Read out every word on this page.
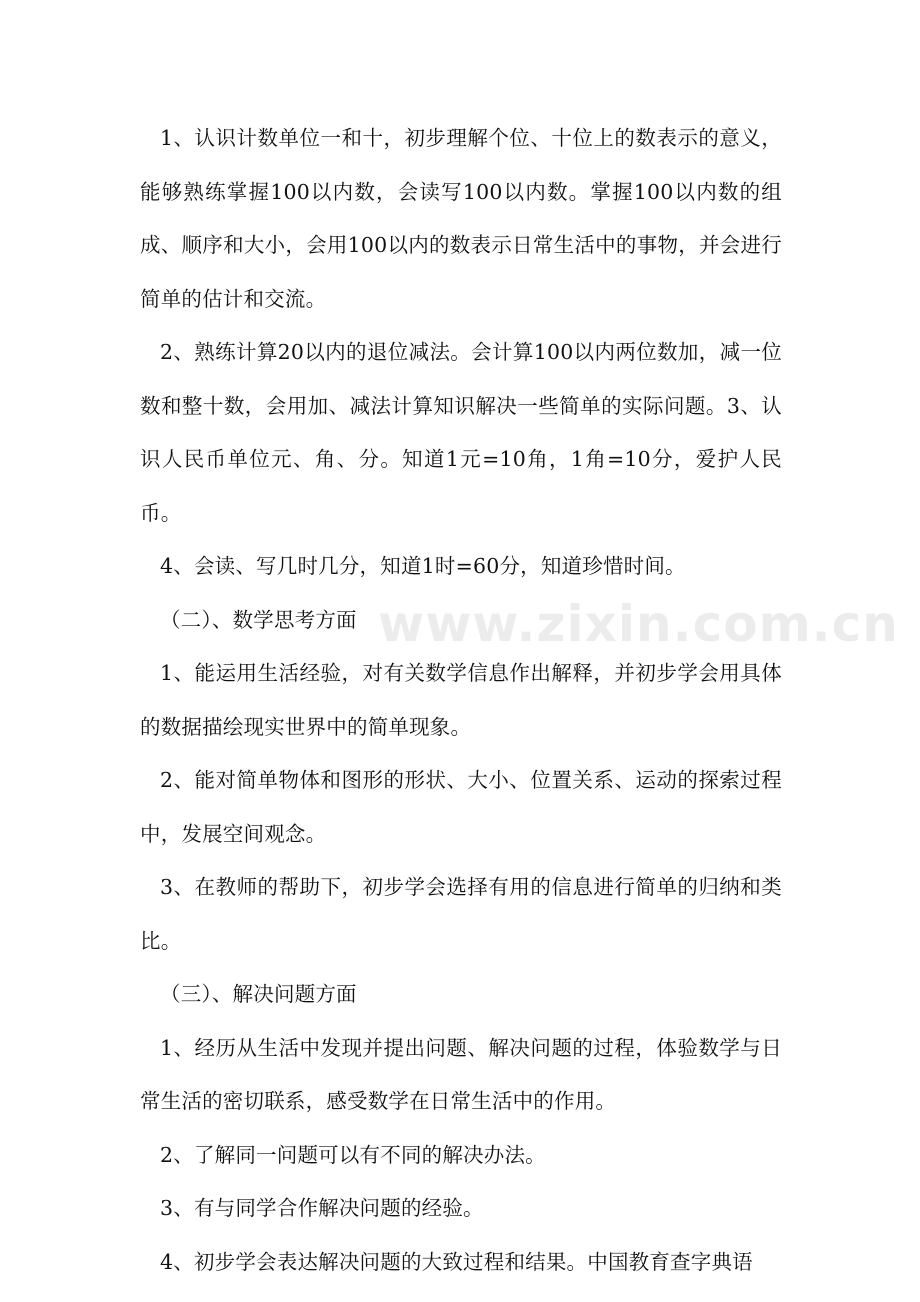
1、认识计数单位一和十，初步理解个位、十位上的数表示的意义，能够熟练掌握100以内数，会读写100以内数。掌握100以内数的组成、顺序和大小，会用100以内的数表示日常生活中的事物，并会进行简单的估计和交流。

2、熟练计算20以内的退位减法。会计算100以内两位数加，减一位数和整十数，会用加、减法计算知识解决一些简单的实际问题。3、认识人民币单位元、角、分。知道1元=10角，1角=10分，爱护人民币。

4、会读、写几时几分，知道1时=60分，知道珍惜时间。

（二）、数学思考方面

1、能运用生活经验，对有关数学信息作出解释，并初步学会用具体的数据描绘现实世界中的简单现象。

2、能对简单物体和图形的形状、大小、位置关系、运动的探索过程中，发展空间观念。

3、在教师的帮助下，初步学会选择有用的信息进行简单的归纳和类比。

（三）、解决问题方面

1、经历从生活中发现并提出问题、解决问题的过程，体验数学与日常生活的密切联系，感受数学在日常生活中的作用。

2、了解同一问题可以有不同的解决办法。

3、有与同学合作解决问题的经验。

4、初步学会表达解决问题的大致过程和结果。中国教育查字典语

www.zixin.com.cn
